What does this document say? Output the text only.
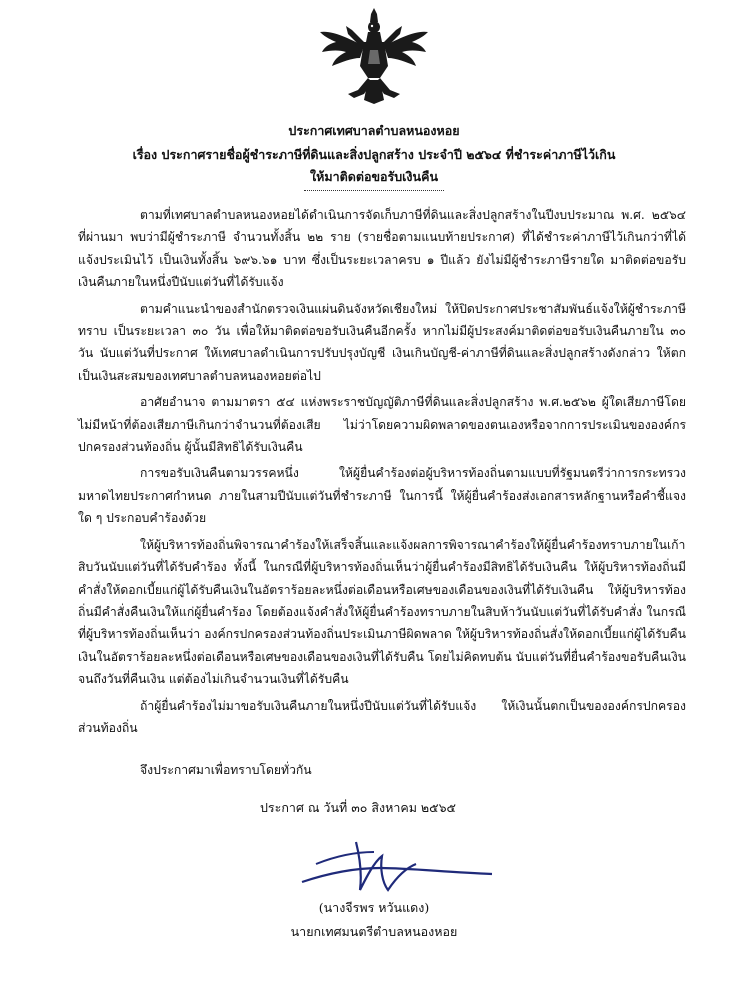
ประกาศเทศบาลตำบลหนองหอย
เรื่อง ประกาศรายชื่อผู้ชำระภาษีที่ดินและสิ่งปลูกสร้าง ประจำปี ๒๕๖๔ ที่ชำระค่าภาษีไว้เกิน
ให้มาติดต่อขอรับเงินคืน

ตามที่เทศบาลตำบลหนองหอยได้ดำเนินการจัดเก็บภาษีที่ดินและสิ่งปลูกสร้างในปีงบประมาณ พ.ศ. ๒๕๖๔ ที่ผ่านมา พบว่ามีผู้ชำระภาษี จำนวนทั้งสิ้น ๒๒ ราย (รายชื่อตามแนบท้ายประกาศ) ที่ได้ชำระค่าภาษีไว้เกินกว่าที่ได้แจ้งประเมินไว้ เป็นเงินทั้งสิ้น ๖๙๖.๖๑ บาท ซึ่งเป็นระยะเวลาครบ ๑ ปีแล้ว ยังไม่มีผู้ชำระภาษีรายใด มาติดต่อขอรับเงินคืนภายในหนึ่งปีนับแต่วันที่ได้รับแจ้ง

ตามคำแนะนำของสำนักตรวจเงินแผ่นดินจังหวัดเชียงใหม่ ให้ปิดประกาศประชาสัมพันธ์แจ้งให้ผู้ชำระภาษีทราบ เป็นระยะเวลา ๓๐ วัน เพื่อให้มาติดต่อขอรับเงินคืนอีกครั้ง หากไม่มีผู้ประสงค์มาติดต่อขอรับเงินคืนภายใน ๓๐ วัน นับแต่วันที่ประกาศ ให้เทศบาลดำเนินการปรับปรุงบัญชี เงินเกินบัญชี-ค่าภาษีที่ดินและสิ่งปลูกสร้างดังกล่าว ให้ตกเป็นเงินสะสมของเทศบาลตำบลหนองหอยต่อไป

อาศัยอำนาจ ตามมาตรา ๕๔ แห่งพระราชบัญญัติภาษีที่ดินและสิ่งปลูกสร้าง พ.ศ.๒๕๖๒ ผู้ใดเสียภาษีโดยไม่มีหน้าที่ต้องเสียภาษีเกินกว่าจำนวนที่ต้องเสีย ไม่ว่าโดยความผิดพลาดของตนเองหรือจากการประเมินขององค์กรปกครองส่วนท้องถิ่น ผู้นั้นมีสิทธิได้รับเงินคืน

การขอรับเงินคืนตามวรรคหนึ่ง ให้ผู้ยื่นคำร้องต่อผู้บริหารท้องถิ่นตามแบบที่รัฐมนตรีว่าการกระทรวงมหาดไทยประกาศกำหนด ภายในสามปีนับแต่วันที่ชำระภาษี ในการนี้ ให้ผู้ยื่นคำร้องส่งเอกสารหลักฐานหรือคำชี้แจงใด ๆ ประกอบคำร้องด้วย

ให้ผู้บริหารท้องถิ่นพิจารณาคำร้องให้เสร็จสิ้นและแจ้งผลการพิจารณาคำร้องให้ผู้ยื่นคำร้องทราบภายในเก้าสิบวันนับแต่วันที่ได้รับคำร้อง ทั้งนี้ ในกรณีที่ผู้บริหารท้องถิ่นเห็นว่าผู้ยื่นคำร้องมีสิทธิได้รับเงินคืน ให้ผู้บริหารท้องถิ่นมีคำสั่งให้ดอกเบี้ยแก่ผู้ได้รับคืนเงินในอัตราร้อยละหนึ่งต่อเดือนหรือเศษของเดือนของเงินที่ได้รับเงินคืน ให้ผู้บริหารท้องถิ่นมีคำสั่งคืนเงินให้แก่ผู้ยื่นคำร้อง โดยต้องแจ้งคำสั่งให้ผู้ยื่นคำร้องทราบภายในสิบห้าวันนับแต่วันที่ได้รับคำสั่ง ในกรณีที่ผู้บริหารท้องถิ่นเห็นว่า องค์กรปกครองส่วนท้องถิ่นประเมินภาษีผิดพลาด ให้ผู้บริหารท้องถิ่นสั่งให้ดอกเบี้ยแก่ผู้ได้รับคืนเงินในอัตราร้อยละหนึ่งต่อเดือนหรือเศษของเดือนของเงินที่ได้รับคืน โดยไม่คิดทบต้น นับแต่วันที่ยื่นคำร้องขอรับคืนเงินจนถึงวันที่คืนเงิน แต่ต้องไม่เกินจำนวนเงินที่ได้รับคืน

ถ้าผู้ยื่นคำร้องไม่มาขอรับเงินคืนภายในหนึ่งปีนับแต่วันที่ได้รับแจ้ง ให้เงินนั้นตกเป็นขององค์กรปกครองส่วนท้องถิ่น

จึงประกาศมาเพื่อทราบโดยทั่วกัน

ประกาศ ณ วันที่ ๓๐ สิงหาคม ๒๕๖๕
(นางจีรพร หวันแดง)
นายกเทศมนตรีตำบลหนองหอย
